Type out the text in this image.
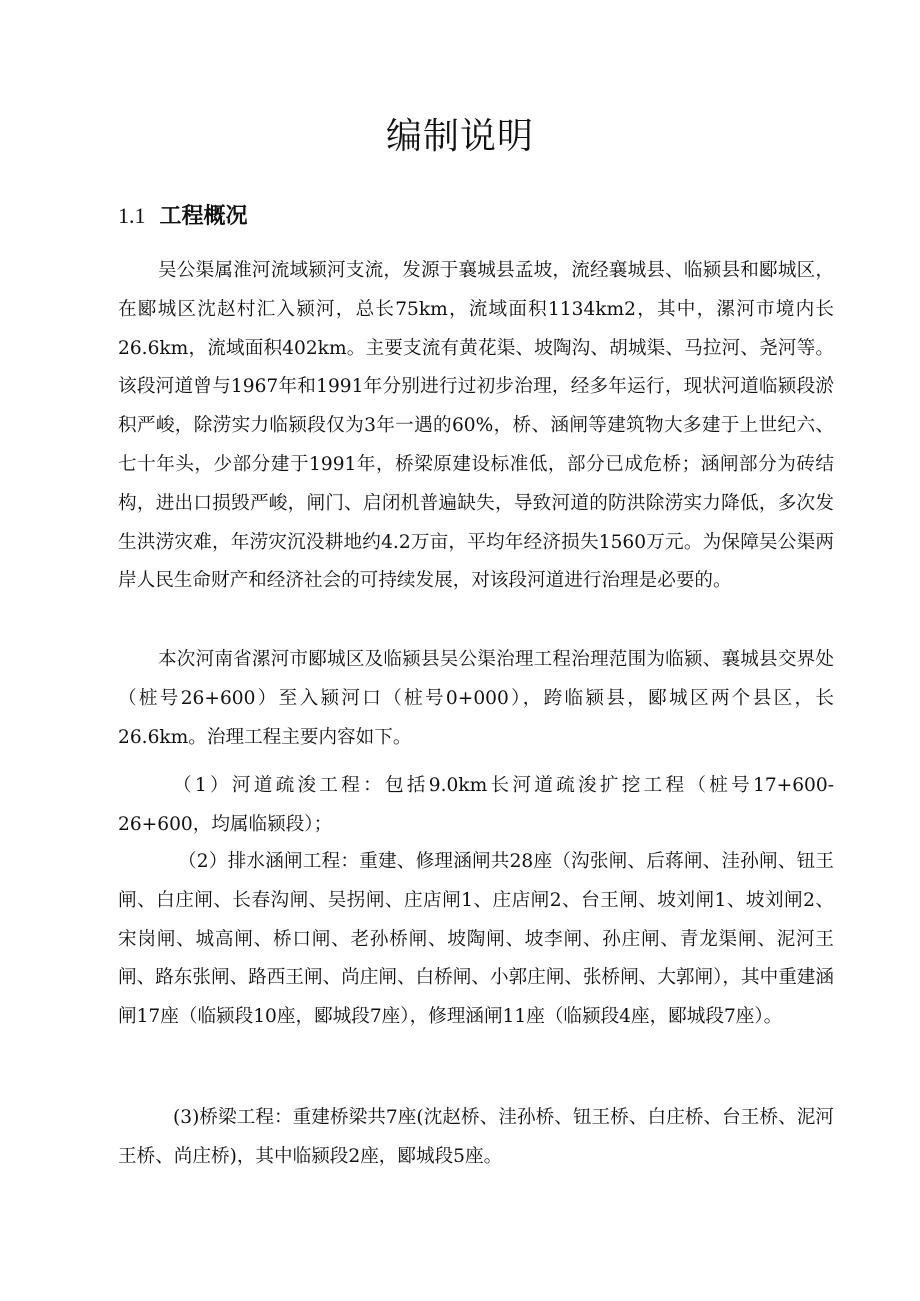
编制说明
1.1 工程概况

吴公渠属淮河流域颍河支流，发源于襄城县孟坡，流经襄城县、临颍县和郾城区，在郾城区沈赵村汇入颍河，总长75km，流域面积1134km2，其中，漯河市境内长26.6km，流域面积402km。主要支流有黄花渠、坡陶沟、胡城渠、马拉河、尧河等。该段河道曾与1967年和1991年分别进行过初步治理，经多年运行，现状河道临颍段淤积严峻，除涝实力临颍段仅为3年一遇的60%，桥、涵闸等建筑物大多建于上世纪六、七十年头，少部分建于1991年，桥梁原建设标准低，部分已成危桥；涵闸部分为砖结构，进出口损毁严峻，闸门、启闭机普遍缺失，导致河道的防洪除涝实力降低，多次发生洪涝灾难，年涝灾沉没耕地约4.2万亩，平均年经济损失1560万元。为保障吴公渠两岸人民生命财产和经济社会的可持续发展，对该段河道进行治理是必要的。

本次河南省漯河市郾城区及临颍县吴公渠治理工程治理范围为临颍、襄城县交界处（桩号26+600）至入颍河口（桩号0+000），跨临颍县，郾城区两个县区，长26.6km。治理工程主要内容如下。

（1）河道疏浚工程：包括9.0km长河道疏浚扩挖工程（桩号17+600-26+600，均属临颍段）；

（2）排水涵闸工程：重建、修理涵闸共28座（沟张闸、后蒋闸、洼孙闸、钮王闸、白庄闸、长春沟闸、吴拐闸、庄店闸1、庄店闸2、台王闸、坡刘闸1、坡刘闸2、宋岗闸、城高闸、桥口闸、老孙桥闸、坡陶闸、坡李闸、孙庄闸、青龙渠闸、泥河王闸、路东张闸、路西王闸、尚庄闸、白桥闸、小郭庄闸、张桥闸、大郭闸），其中重建涵闸17座（临颍段10座，郾城段7座），修理涵闸11座（临颍段4座，郾城段7座）。

(3)桥梁工程：重建桥梁共7座(沈赵桥、洼孙桥、钮王桥、白庄桥、台王桥、泥河王桥、尚庄桥)，其中临颍段2座，郾城段5座。
